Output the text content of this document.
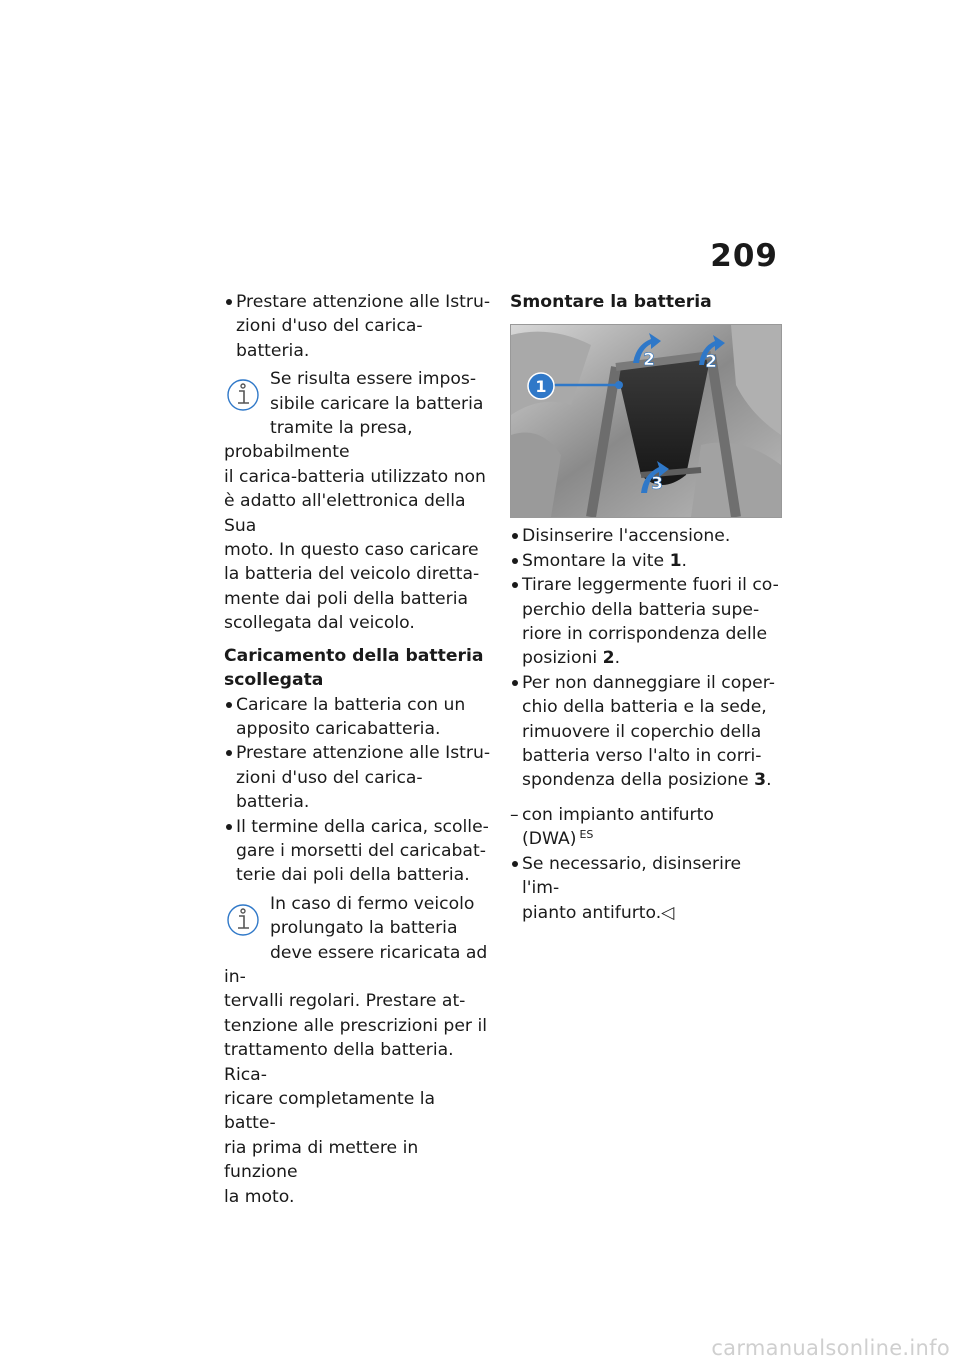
209
Prestare attenzione alle Istru-
zioni d'uso del carica-batteria.
Se risulta essere impos-
sibile caricare la batteria
tramite la presa, probabilmente
il carica-batteria utilizzato non
è adatto all'elettronica della Sua
moto. In questo caso caricare
la batteria del veicolo diretta-
mente dai poli della batteria
scollegata dal veicolo.
Caricamento della batteria
scollegata
Caricare la batteria con un
apposito caricabatteria.
Prestare attenzione alle Istru-
zioni d'uso del carica-batteria.
Il termine della carica, scolle-
gare i morsetti del caricabat-
terie dai poli della batteria.
In caso di fermo veicolo
prolungato la batteria
deve essere ricaricata ad in-
tervalli regolari. Prestare at-
tenzione alle prescrizioni per il
trattamento della batteria. Rica-
ricare completamente la batte-
ria prima di mettere in funzione
la moto.
Smontare la batteria
1
2	2
3
Disinserire l'accensione.
Smontare la vite 1.
Tirare leggermente fuori il co-
perchio della batteria supe-
riore in corrispondenza delle
posizioni 2.
Per non danneggiare il coper-
chio della batteria e la sede,
rimuovere il coperchio della
batteria verso l'alto in corri-
spondenza della posizione 3.
– con impianto antifurto
(DWA) $^{ES}$
Se necessario, disinserire l'im-
pianto antifurto.◁
carmanualsonline.info
